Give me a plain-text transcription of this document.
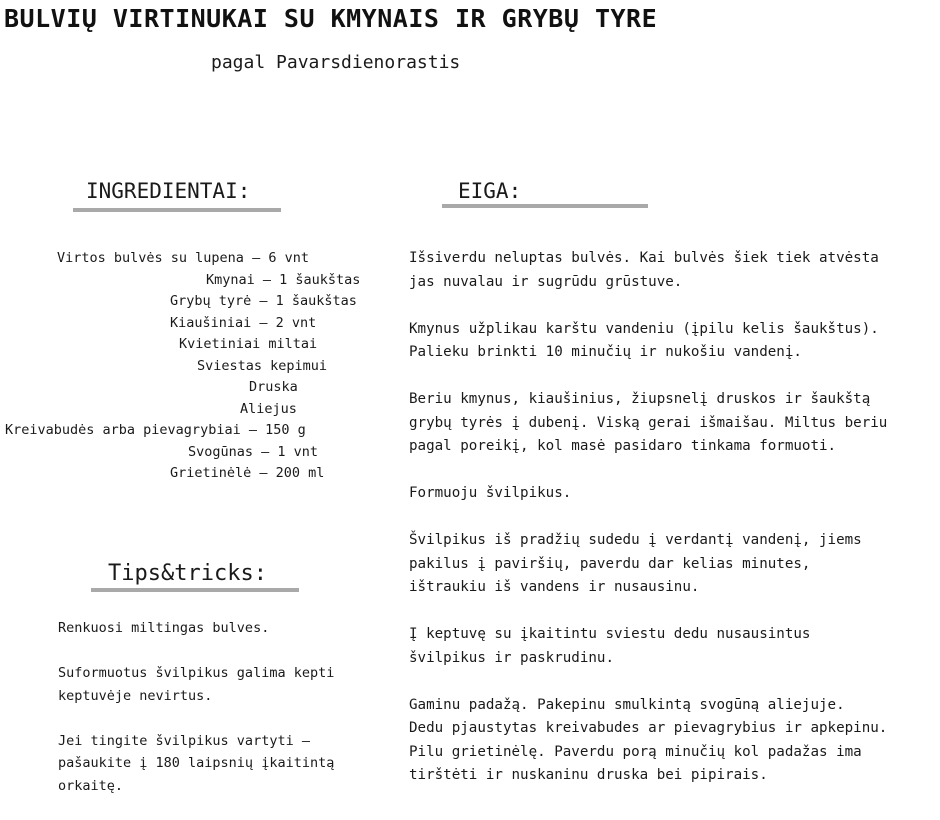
BULVIŲ VIRTINUKAI SU KMYNAIS IR GRYBŲ TYRE
pagal Pavarsdienorastis
INGREDIENTAI:
Virtos bulvės su lupena – 6 vnt
Kmynai – 1 šaukštas
Grybų tyrė – 1 šaukštas
Kiaušiniai – 2 vnt
Kvietiniai miltai
Sviestas kepimui
Druska
Aliejus
Kreivabudės arba pievagrybiai – 150 g
Svogūnas – 1 vnt
Grietinėlė – 200 ml
EIGA:

Išsiverdu neluptas bulvės. Kai bulvės šiek tiek atvėsta
jas nuvalau ir sugrūdu grūstuve.

Kmynus užplikau karštu vandeniu (įpilu kelis šaukštus).
Palieku brinkti 10 minučių ir nukošiu vandenį.

Beriu kmynus, kiaušinius, žiupsnelį druskos ir šaukštą
grybų tyrės į dubenį. Viską gerai išmaišau. Miltus beriu
pagal poreikį, kol masė pasidaro tinkama formuoti.

Formuoju švilpikus.

Švilpikus iš pradžių sudedu į verdantį vandenį, jiems
pakilus į paviršių, paverdu dar kelias minutes,
ištraukiu iš vandens ir nusausinu.

Į keptuvę su įkaitintu sviestu dedu nusausintus
švilpikus ir paskrudinu.

Gaminu padažą. Pakepinu smulkintą svogūną aliejuje.
Dedu pjaustytas kreivabudes ar pievagrybius ir apkepinu.
Pilu grietinėlę. Paverdu porą minučių kol padažas ima
tirštėti ir nuskaninu druska bei pipirais.

Tips&tricks:

Renkuosi miltingas bulves.

Suformuotus švilpikus galima kepti
keptuvėje nevirtus.

Jei tingite švilpikus vartyti –
pašaukite į 180 laipsnių įkaitintą
orkaitę.
